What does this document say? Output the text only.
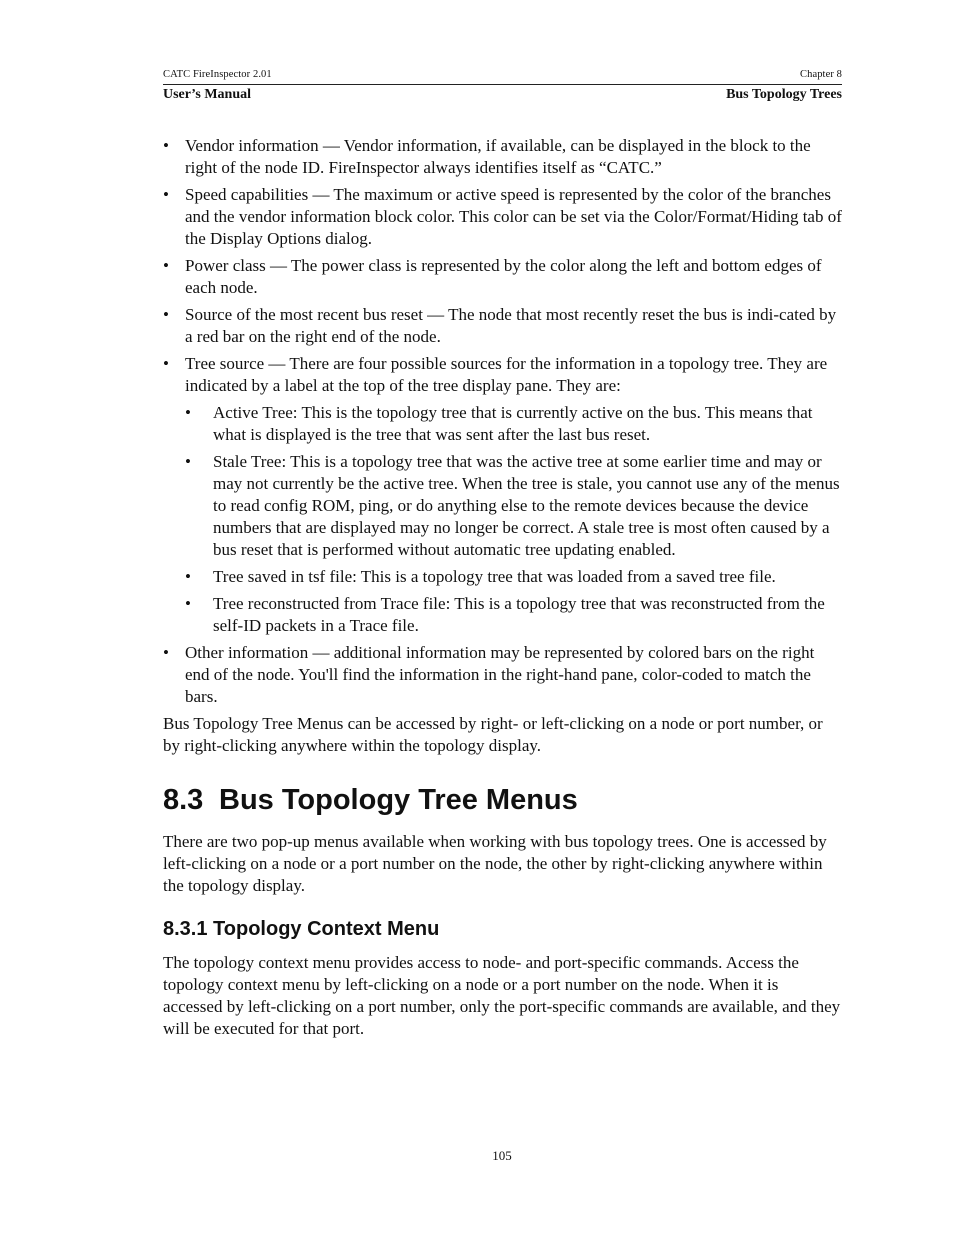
CATC FireInspector 2.01	Chapter 8
User’s Manual	Bus Topology Trees
• Vendor information — Vendor information, if available, can be displayed in the block to the right of the node ID. FireInspector always identifies itself as “CATC.”
• Speed capabilities — The maximum or active speed is represented by the color of the branches and the vendor information block color. This color can be set via the Color/Format/Hiding tab of the Display Options dialog.
• Power class — The power class is represented by the color along the left and bottom edges of each node.
• Source of the most recent bus reset — The node that most recently reset the bus is indi-cated by a red bar on the right end of the node.
• Tree source — There are four possible sources for the information in a topology tree. They are indicated by a label at the top of the tree display pane. They are:
• Active Tree: This is the topology tree that is currently active on the bus. This means that what is displayed is the tree that was sent after the last bus reset.
• Stale Tree: This is a topology tree that was the active tree at some earlier time and may or may not currently be the active tree. When the tree is stale, you cannot use any of the menus to read config ROM, ping, or do anything else to the remote devices because the device numbers that are displayed may no longer be correct. A stale tree is most often caused by a bus reset that is performed without automatic tree updating enabled.
• Tree saved in tsf file: This is a topology tree that was loaded from a saved tree file.
• Tree reconstructed from Trace file: This is a topology tree that was reconstructed from the self-ID packets in a Trace file.
• Other information — additional information may be represented by colored bars on the right end of the node. You'll find the information in the right-hand pane, color-coded to match the bars.

Bus Topology Tree Menus can be accessed by right- or left-clicking on a node or port number, or by right-clicking anywhere within the topology display.

8.3 Bus Topology Tree Menus

There are two pop-up menus available when working with bus topology trees. One is accessed by left-clicking on a node or a port number on the node, the other by right-clicking anywhere within the topology display.

8.3.1 Topology Context Menu

The topology context menu provides access to node- and port-specific commands. Access the topology context menu by left-clicking on a node or a port number on the node. When it is accessed by left-clicking on a port number, only the port-specific commands are available, and they will be executed for that port.

105
